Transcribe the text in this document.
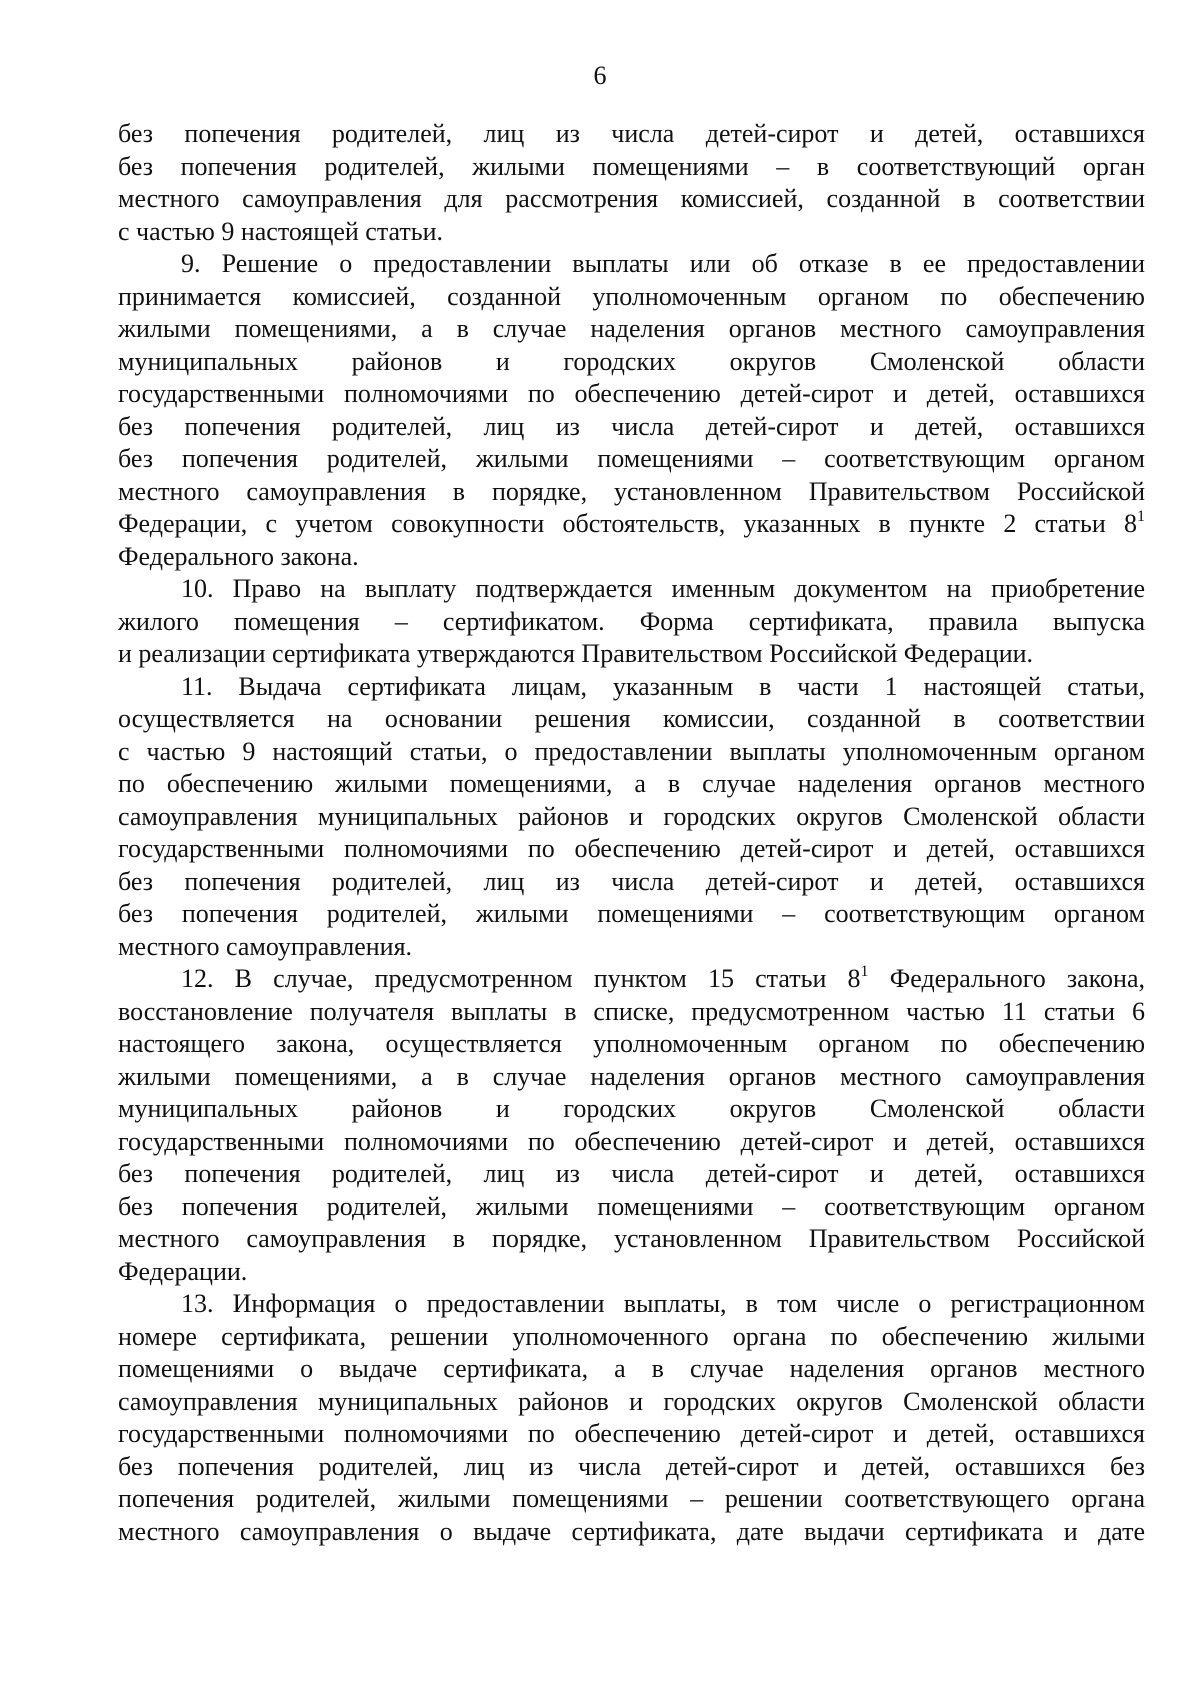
6
без попечения родителей, лиц из числа детей-сирот и детей, оставшихся
без попечения родителей, жилыми помещениями – в соответствующий орган
местного самоуправления для рассмотрения комиссией, созданной в соответствии
с частью 9 настоящей статьи.
9. Решение о предоставлении выплаты или об отказе в ее предоставлении
принимается комиссией, созданной уполномоченным органом по обеспечению
жилыми помещениями, а в случае наделения органов местного самоуправления
муниципальных районов и городских округов Смоленской области
государственными полномочиями по обеспечению детей-сирот и детей, оставшихся
без попечения родителей, лиц из числа детей-сирот и детей, оставшихся
без попечения родителей, жилыми помещениями – соответствующим органом
местного самоуправления в порядке, установленном Правительством Российской
Федерации, с учетом совокупности обстоятельств, указанных в пункте 2 статьи $8^1$
Федерального закона.
10. Право на выплату подтверждается именным документом на приобретение
жилого помещения – сертификатом. Форма сертификата, правила выпуска
и реализации сертификата утверждаются Правительством Российской Федерации.
11. Выдача сертификата лицам, указанным в части 1 настоящей статьи,
осуществляется на основании решения комиссии, созданной в соответствии
с частью 9 настоящий статьи, о предоставлении выплаты уполномоченным органом
по обеспечению жилыми помещениями, а в случае наделения органов местного
самоуправления муниципальных районов и городских округов Смоленской области
государственными полномочиями по обеспечению детей-сирот и детей, оставшихся
без попечения родителей, лиц из числа детей-сирот и детей, оставшихся
без попечения родителей, жилыми помещениями – соответствующим органом
местного самоуправления.
12. В случае, предусмотренном пунктом 15 статьи $8^1$ Федерального закона,
восстановление получателя выплаты в списке, предусмотренном частью 11 статьи 6
настоящего закона, осуществляется уполномоченным органом по обеспечению
жилыми помещениями, а в случае наделения органов местного самоуправления
муниципальных районов и городских округов Смоленской области
государственными полномочиями по обеспечению детей-сирот и детей, оставшихся
без попечения родителей, лиц из числа детей-сирот и детей, оставшихся
без попечения родителей, жилыми помещениями – соответствующим органом
местного самоуправления в порядке, установленном Правительством Российской
Федерации.
13. Информация о предоставлении выплаты, в том числе о регистрационном
номере сертификата, решении уполномоченного органа по обеспечению жилыми
помещениями о выдаче сертификата, а в случае наделения органов местного
самоуправления муниципальных районов и городских округов Смоленской области
государственными полномочиями по обеспечению детей-сирот и детей, оставшихся
без попечения родителей, лиц из числа детей-сирот и детей, оставшихся без
попечения родителей, жилыми помещениями – решении соответствующего органа
местного самоуправления о выдаче сертификата, дате выдачи сертификата и дате
